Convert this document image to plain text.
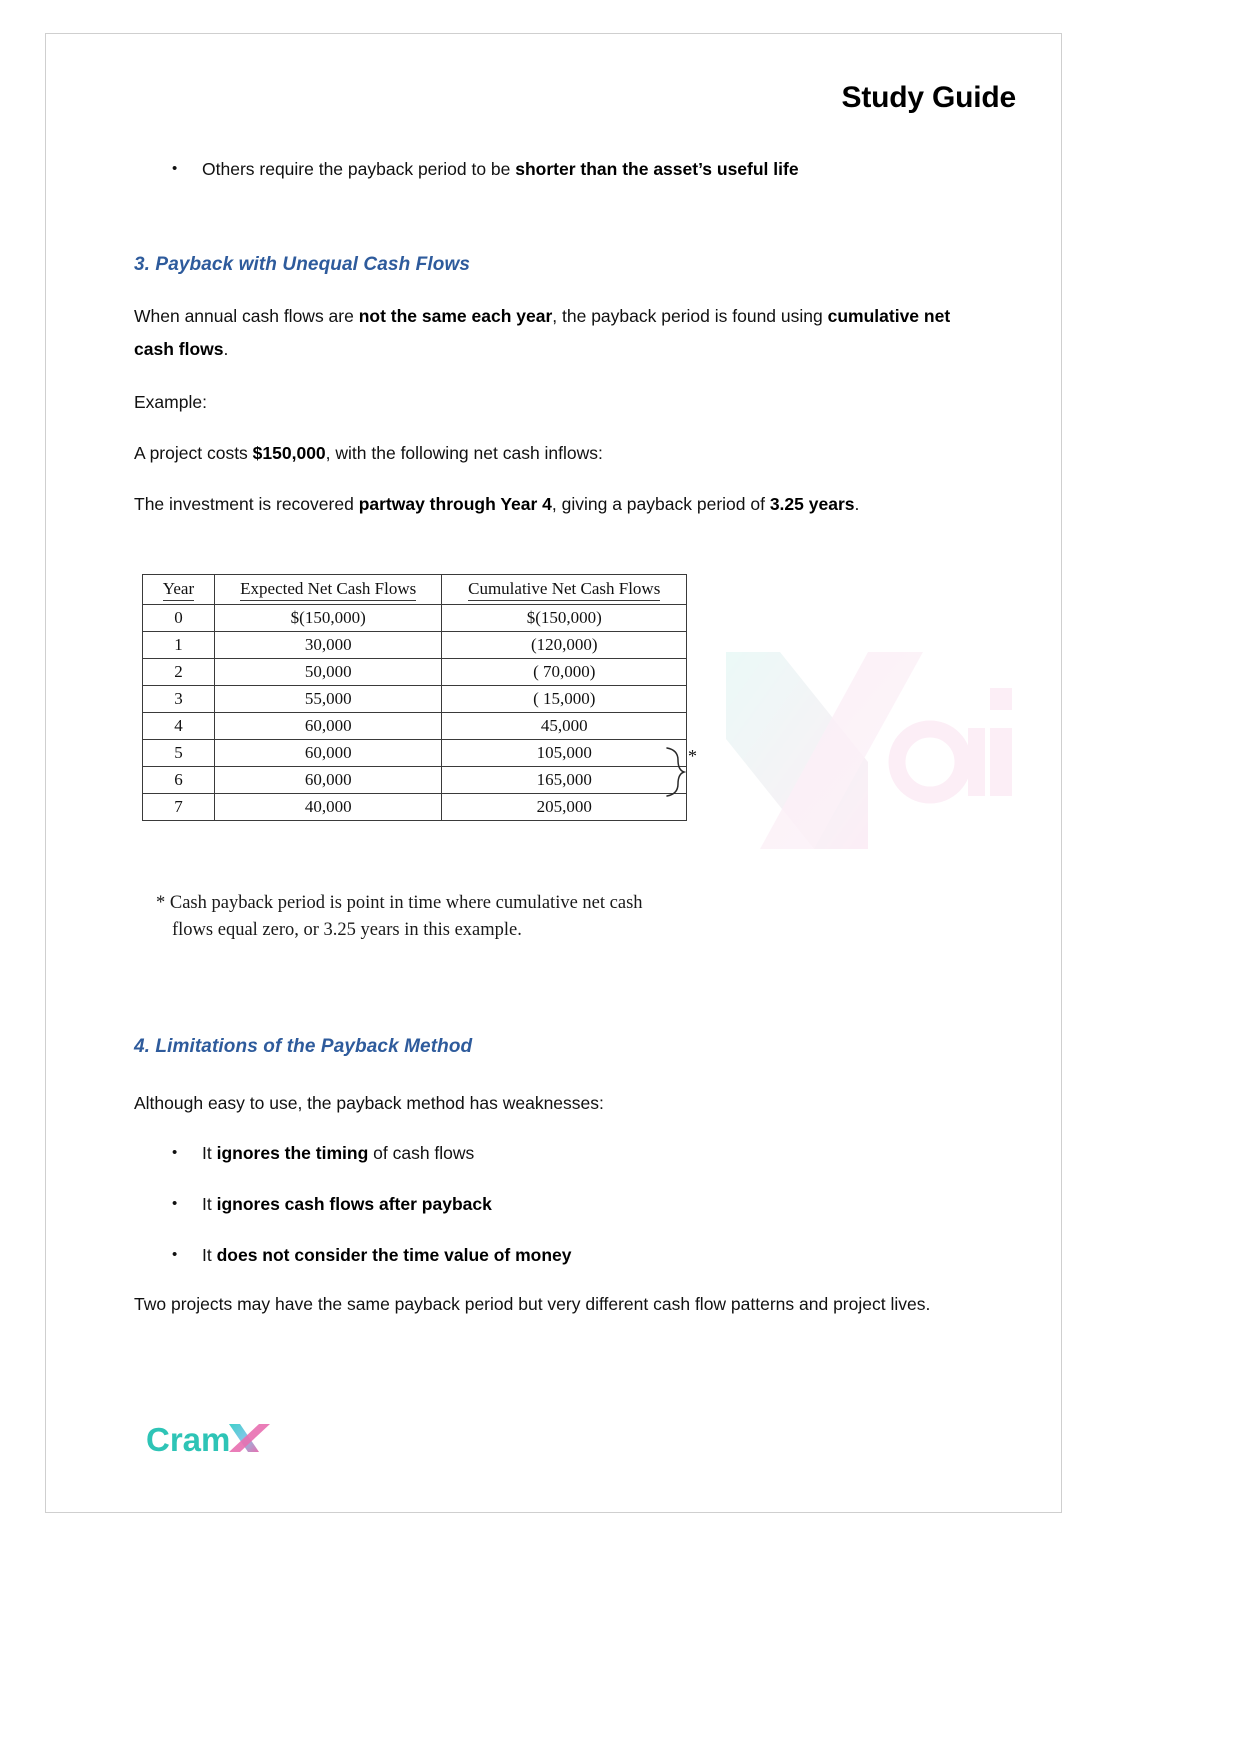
Study Guide
•	Others require the payback period to be shorter than the asset’s useful life
3. Payback with Unequal Cash Flows
When annual cash flows are not the same each year, the payback period is found using cumulative net cash flows.
Example:
A project costs $150,000, with the following net cash inflows:
The investment is recovered partway through Year 4, giving a payback period of 3.25 years.
Year	Expected Net Cash Flows	Cumulative Net Cash Flows
0	$(150,000)	$(150,000)
1	30,000	(120,000)
2	50,000	( 70,000)
3	55,000	( 15,000)
4	60,000	45,000
5	60,000	105,000
6	60,000	165,000
7	40,000	205,000
*
* Cash payback period is point in time where cumulative net cash
flows equal zero, or 3.25 years in this example.
4. Limitations of the Payback Method
Although easy to use, the payback method has weaknesses:
•	It ignores the timing of cash flows
•	It ignores cash flows after payback
•	It does not consider the time value of money
Two projects may have the same payback period but very different cash flow patterns and project lives.
Cram
